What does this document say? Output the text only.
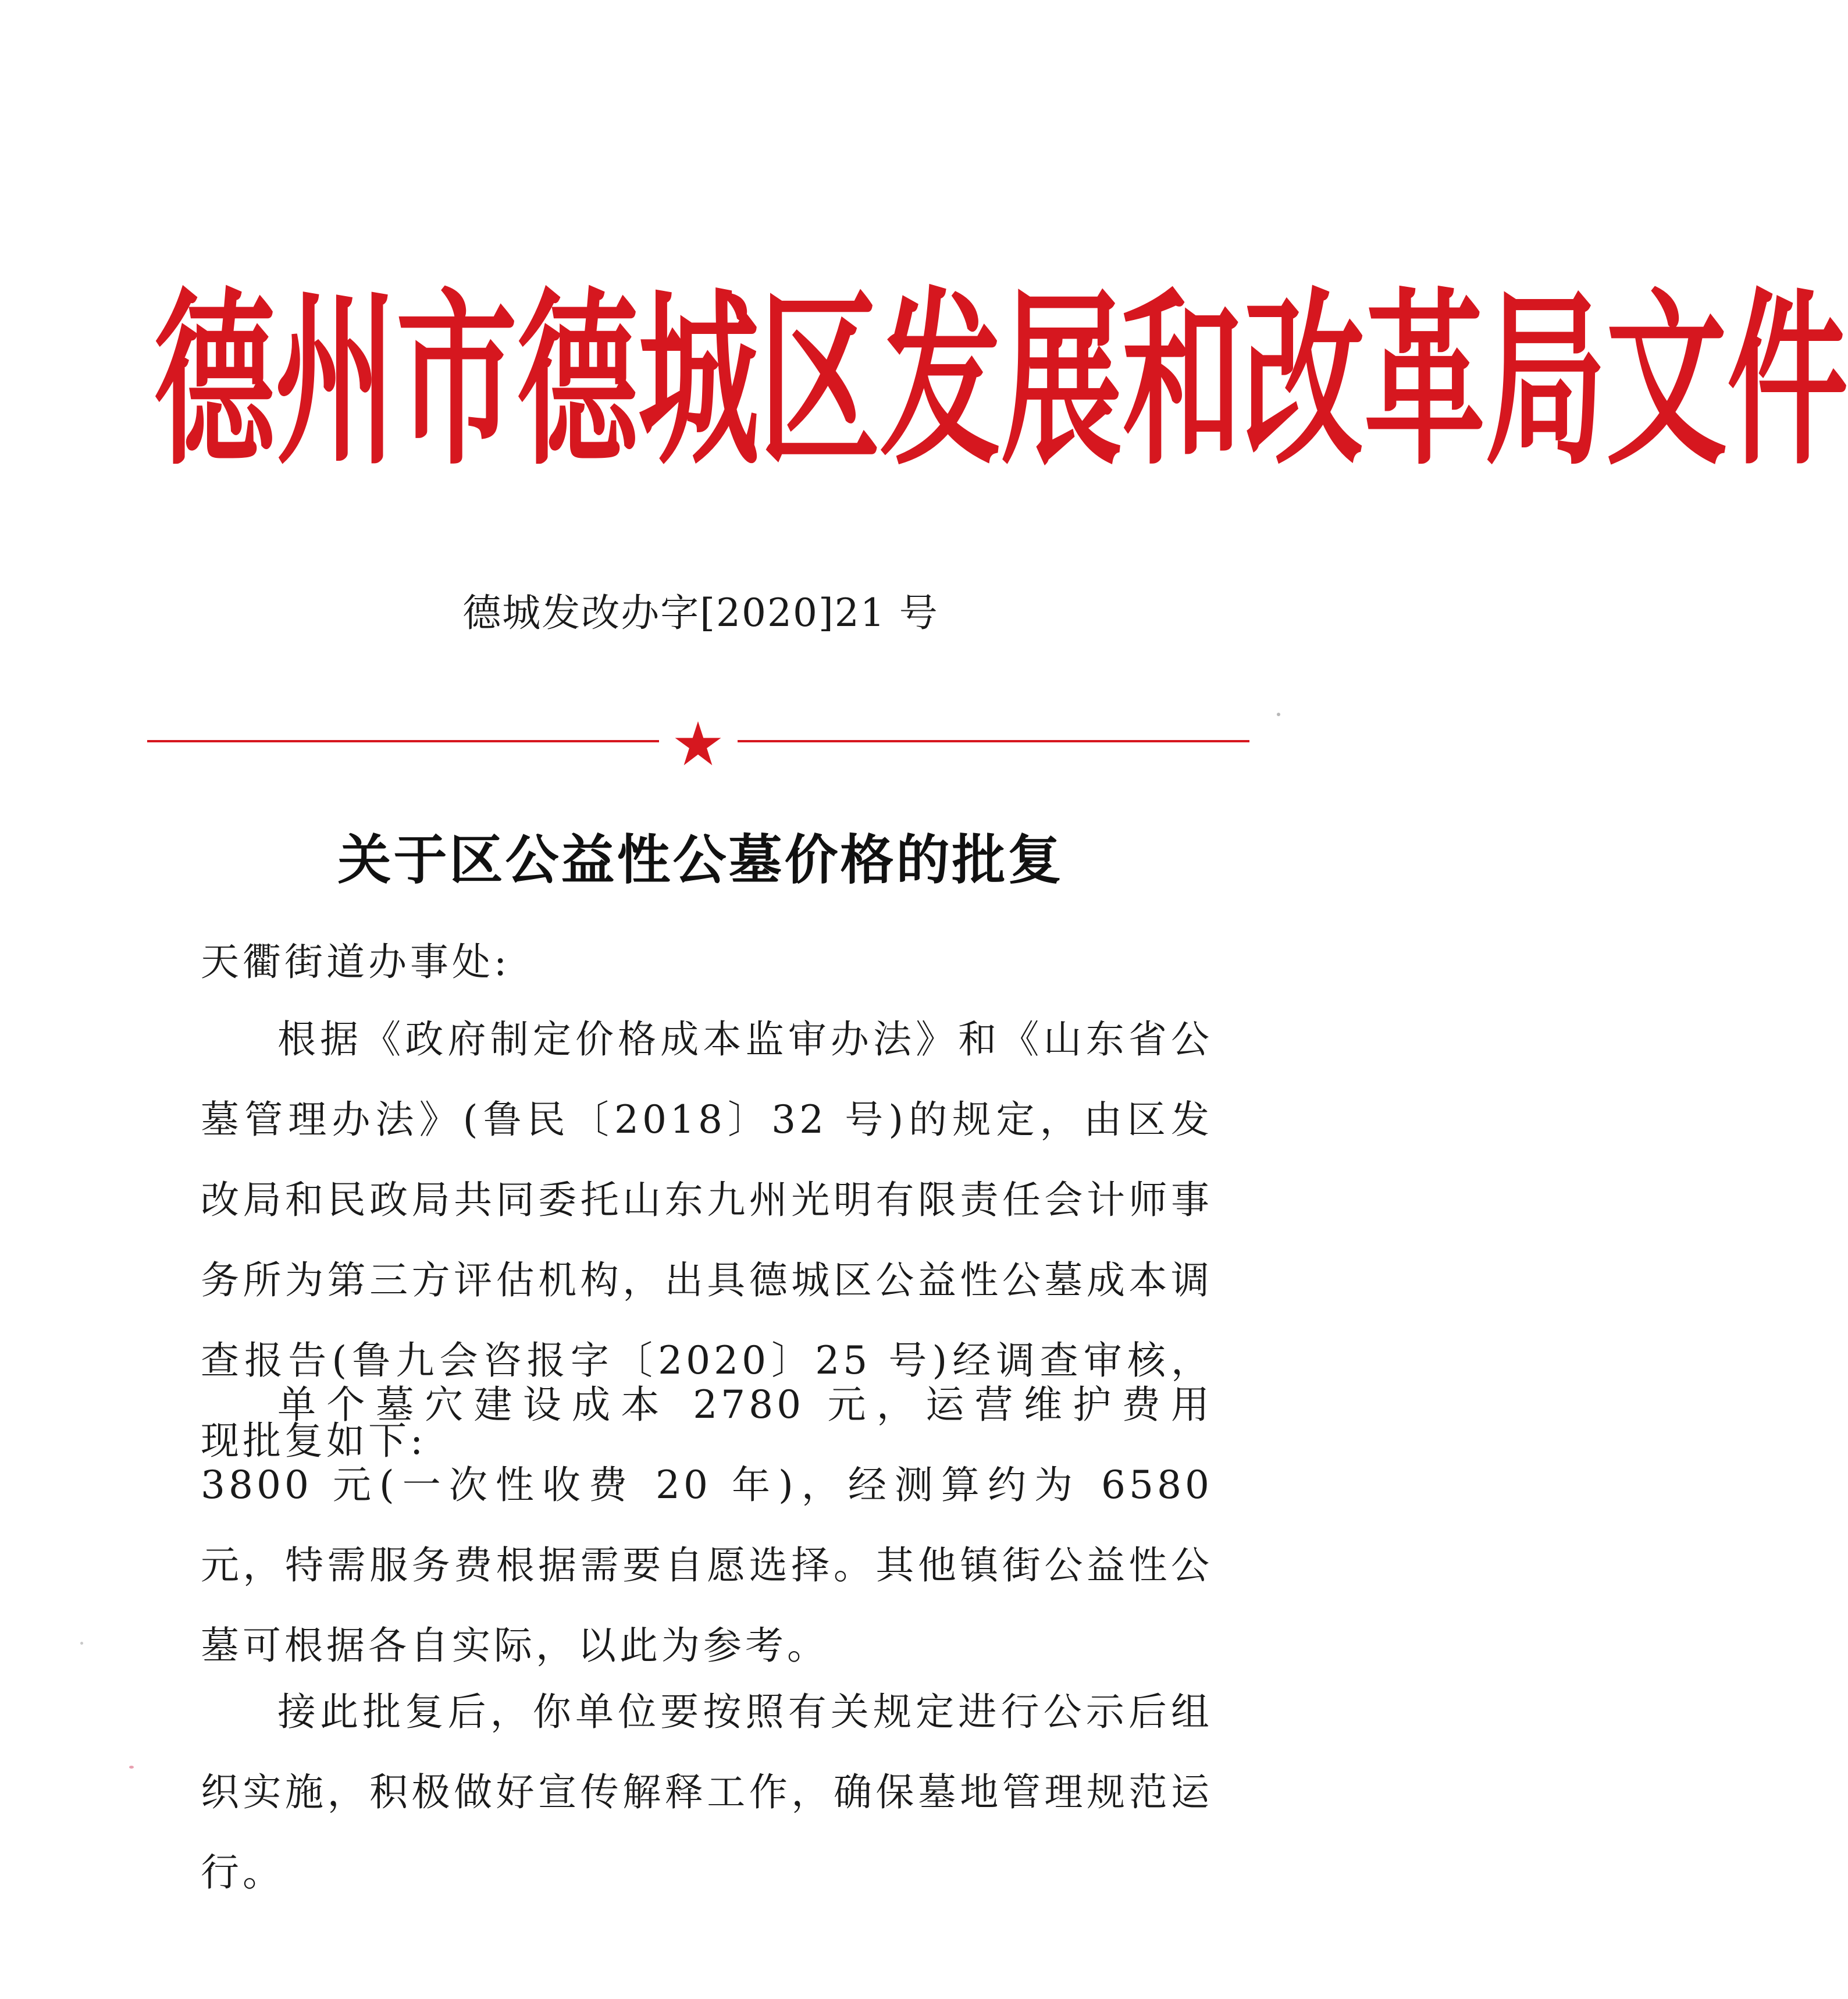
德 州 市 德 城 区 发 展 和 改 革 局 文 件
德城发改办字[2020]21 号
关于区公益性公墓价格的批复
天衢街道办事处:
根据《政府制定价格成本监审办法》和《山东省公墓管理办法》(鲁民〔2018〕32 号)的规定，由区发改局和民政局共同委托山东九州光明有限责任会计师事务所为第三方评估机构，出具德城区公益性公墓成本调查报告(鲁九会咨报字〔2020〕25 号)经调查审核，现批复如下:
单个墓穴建设成本 2780 元，运营维护费用 3800 元(一次性收费 20 年)，经测算约为 6580 元，特需服务费根据需要自愿选择。其他镇街公益性公墓可根据各自实际，以此为参考。
接此批复后，你单位要按照有关规定进行公示后组织实施，积极做好宣传解释工作，确保墓地管理规范运行。
